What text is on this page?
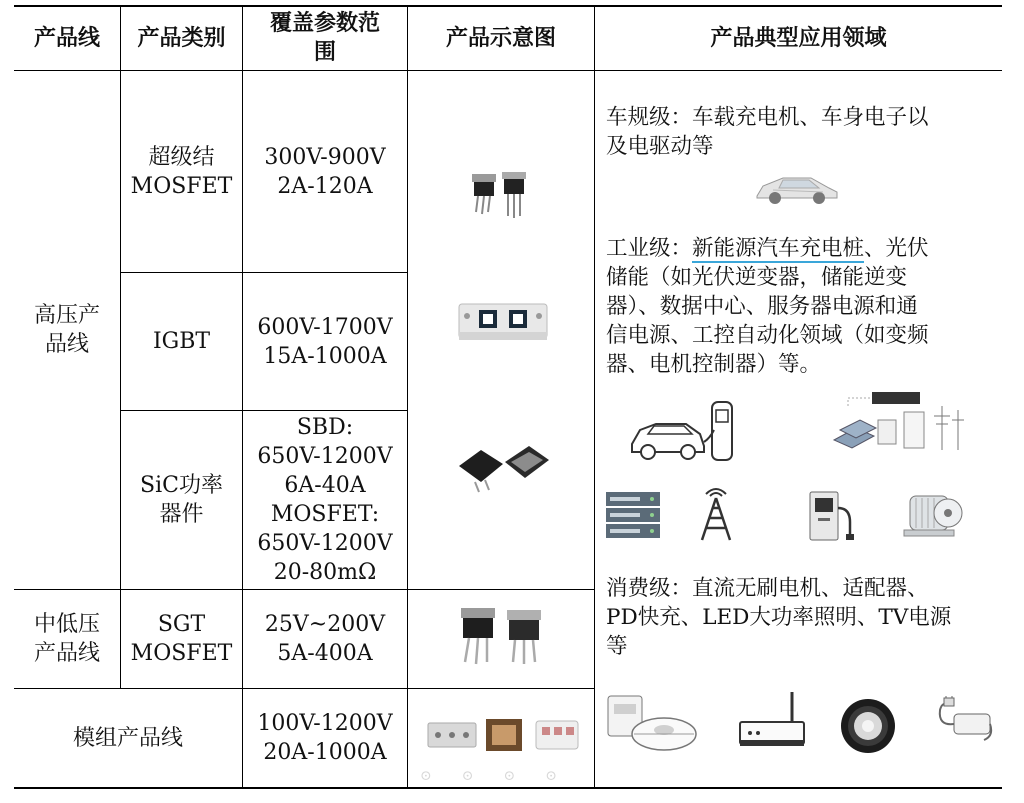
产品线 产品类别
覆盖参数范
围
产品示意图	产品典型应用领域
高压产
品线
中低压
产品线
模组产品线
超级结
MOSFET
IGBT
SiC功率
器件
SGT
MOSFET
300V-900V
2A-120A
600V-1700V
15A-1000A
SBD:
650V-1200V
6A-40A
MOSFET:
650V-1200V
20-80mΩ
25V~200V
5A-400A
100V-1200V
20A-1000A
车规级：车载充电机、车身电子以
及电驱动等
工业级：新能源汽车充电桩、光伏
储能（如光伏逆变器，储能逆变
器）、数据中心、服务器电源和通
信电源、工控自动化领域（如变频
器、电机控制器）等。
消费级：直流无刷电机、适配器、
PD快充、LED大功率照明、TV电源
等
⊙ ⊙ ⊙ ⊙
